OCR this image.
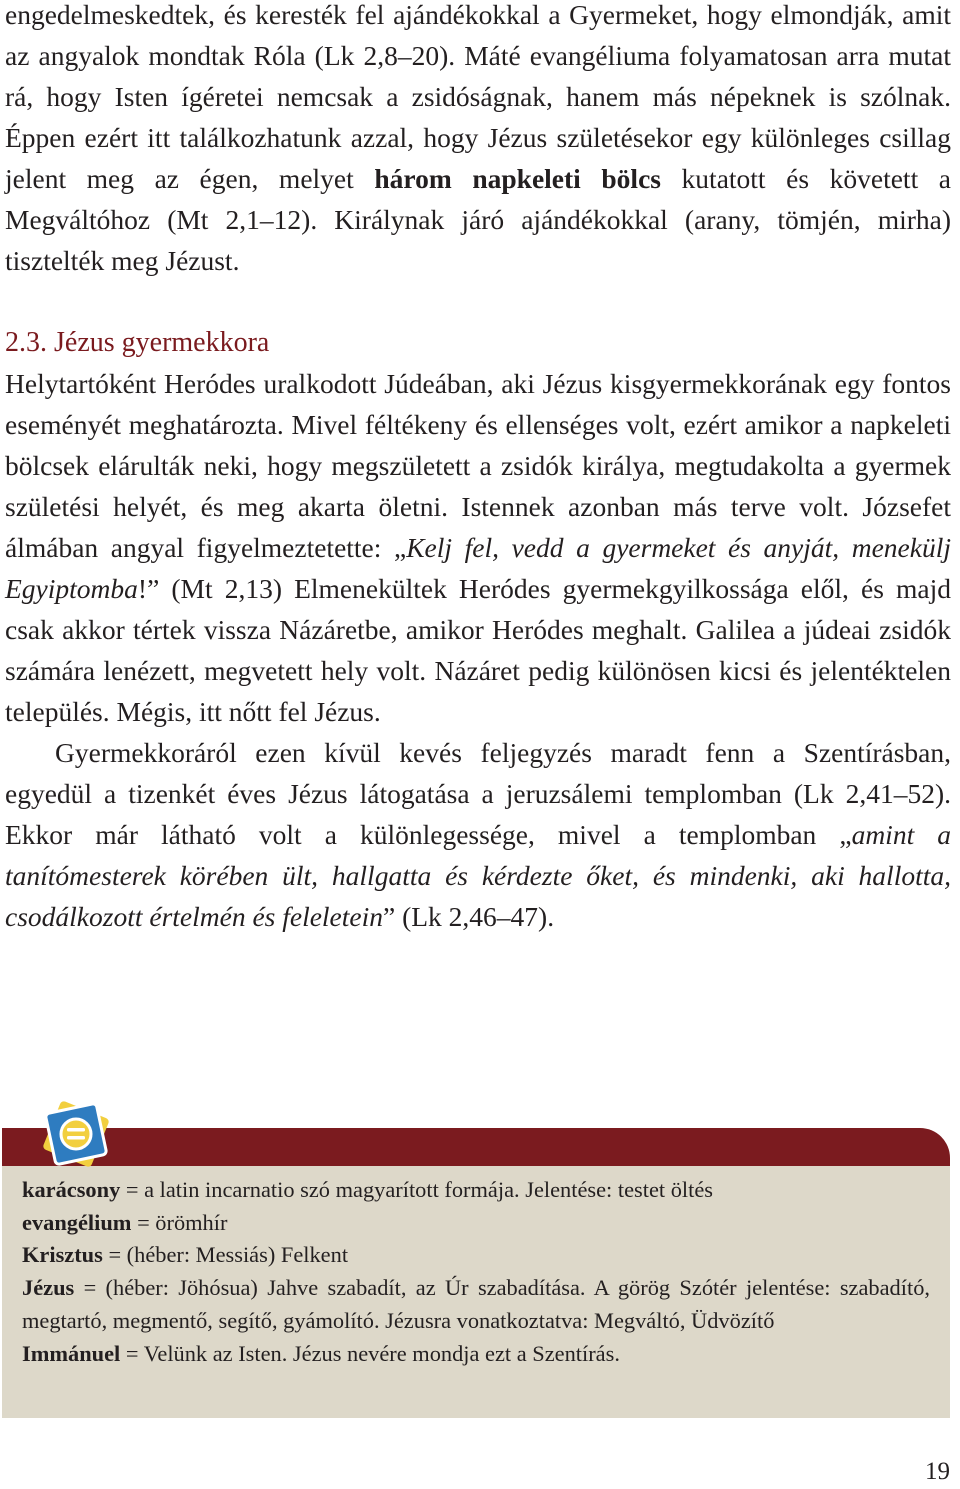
engedelmeskedtek, és keresték fel ajándékokkal a Gyermeket, hogy elmondják, amit az angyalok mondtak Róla (Lk 2,8‒20). Máté evangéliuma folyamatosan arra mutat rá, hogy Isten ígéretei nemcsak a zsidóságnak, hanem más népeknek is szólnak. Éppen ezért itt találkozhatunk azzal, hogy Jézus születésekor egy különleges csillag jelent meg az égen, melyet három napkeleti bölcs kutatott és követett a Megváltóhoz (Mt 2,1‒12). Királynak járó ajándékokkal (arany, tömjén, mirha) tisztelték meg Jézust.

2.3. Jézus gyermekkora

Helytartóként Heródes uralkodott Júdeában, aki Jézus kisgyermekkorának egy fontos eseményét meghatározta. Mivel féltékeny és ellenséges volt, ezért amikor a napkeleti bölcsek elárulták neki, hogy megszületett a zsidók királya, megtudakolta a gyermek születési helyét, és meg akarta öletni. Istennek azonban más terve volt. Józsefet álmában angyal figyelmeztetette: „Kelj fel, vedd a gyermeket és anyját, menekülj Egyiptomba!” (Mt 2,13) Elmenekültek Heródes gyermekgyilkossága elől, és majd csak akkor tértek vissza Názáretbe, amikor Heródes meghalt. Galilea a júdeai zsidók számára lenézett, megvetett hely volt. Názáret pedig különösen kicsi és jelentéktelen település. Mégis, itt nőtt fel Jézus.

Gyermekkoráról ezen kívül kevés feljegyzés maradt fenn a Szentírásban, egyedül a tizenkét éves Jézus látogatása a jeruzsálemi templomban (Lk 2,41‒52). Ekkor már látható volt a különlegessége, mivel a templomban „amint a tanítómesterek körében ült, hallgatta és kérdezte őket, és mindenki, aki hallotta, csodálkozott értelmén és feleletein” (Lk 2,46‒47).

karácsony = a latin incarnatio szó magyarított formája. Jelentése: testet öltés
evangélium = örömhír
Krisztus = (héber: Messiás) Felkent
Jézus = (héber: Jöhósua) Jahve szabadít, az Úr szabadítása. A görög Szótér jelentése: szabadító, megtartó, megmentő, segítő, gyámolító. Jézusra vonatkoztatva: Megváltó, Üdvözítő
Immánuel = Velünk az Isten. Jézus nevére mondja ezt a Szentírás.
19
